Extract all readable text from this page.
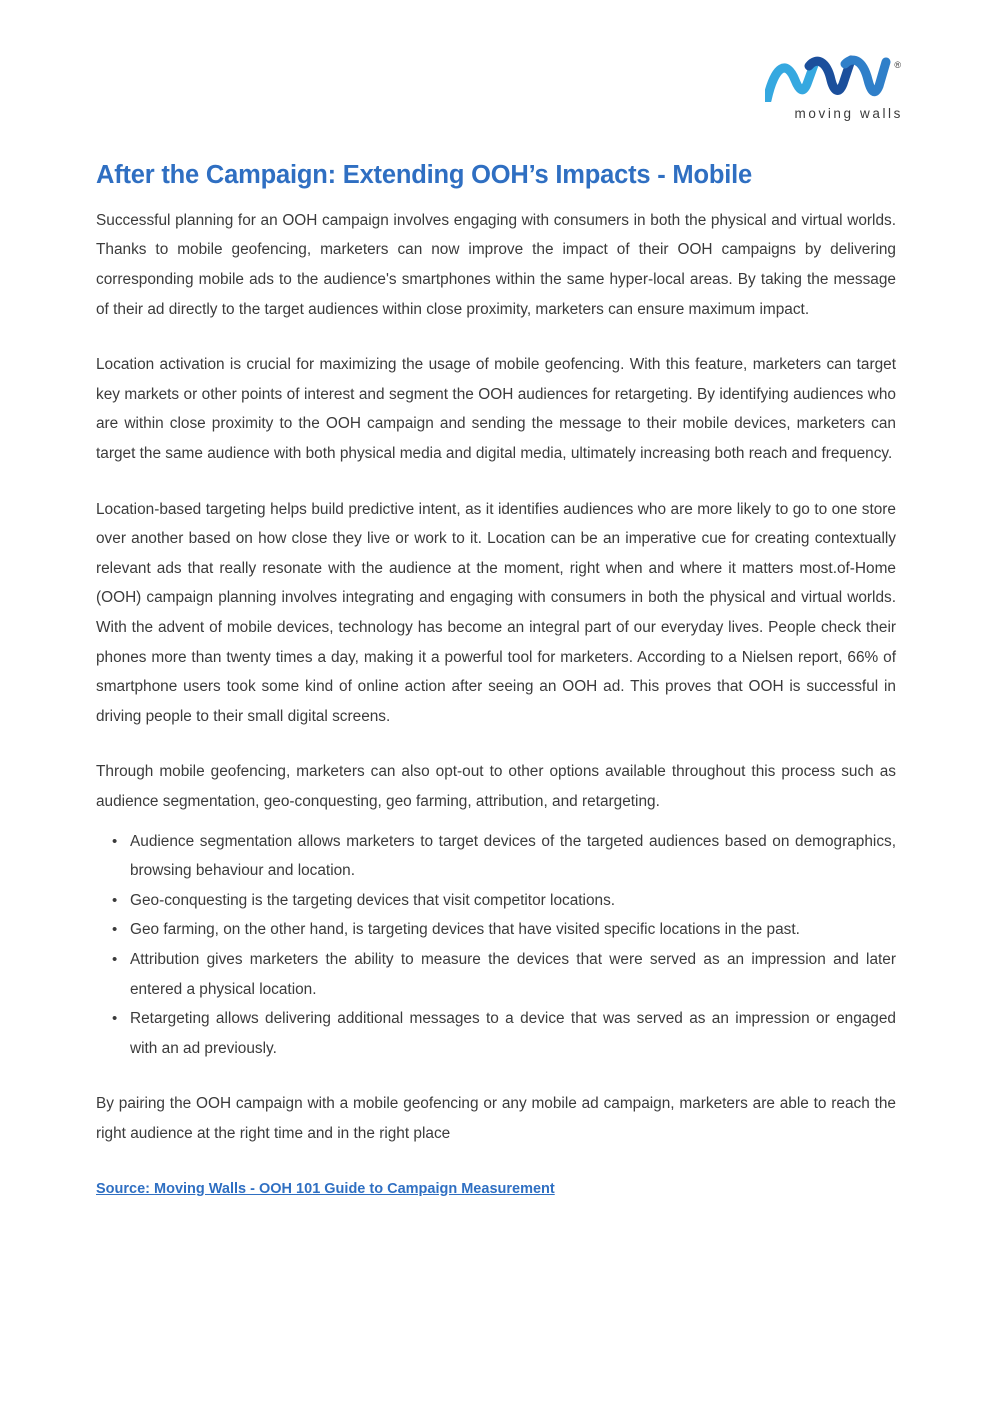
®
moving walls
After the Campaign: Extending OOH’s Impacts - Mobile

Successful planning for an OOH campaign involves engaging with consumers in both the physical and virtual worlds. Thanks to mobile geofencing, marketers can now improve the impact of their OOH campaigns by delivering corresponding mobile ads to the audience's smartphones within the same hyper-local areas. By taking the message of their ad directly to the target audiences within close proximity, marketers can ensure maximum impact.

Location activation is crucial for maximizing the usage of mobile geofencing. With this feature, marketers can target key markets or other points of interest and segment the OOH audiences for retargeting. By identifying audiences who are within close proximity to the OOH campaign and sending the message to their mobile devices, marketers can target the same audience with both physical media and digital media, ultimately increasing both reach and frequency.

Location-based targeting helps build predictive intent, as it identifies audiences who are more likely to go to one store over another based on how close they live or work to it. Location can be an imperative cue for creating contextually relevant ads that really resonate with the audience at the moment, right when and where it matters most.of-Home (OOH) campaign planning involves integrating and engaging with consumers in both the physical and virtual worlds. With the advent of mobile devices, technology has become an integral part of our everyday lives. People check their phones more than twenty times a day, making it a powerful tool for marketers. According to a Nielsen report, 66% of smartphone users took some kind of online action after seeing an OOH ad. This proves that OOH is successful in driving people to their small digital screens.

Through mobile geofencing, marketers can also opt-out to other options available throughout this process such as audience segmentation, geo-conquesting, geo farming, attribution, and retargeting.

• Audience segmentation allows marketers to target devices of the targeted audiences based on demographics, browsing behaviour and location.
• Geo-conquesting is the targeting devices that visit competitor locations.
• Geo farming, on the other hand, is targeting devices that have visited specific locations in the past.
• Attribution gives marketers the ability to measure the devices that were served as an impression and later entered a physical location.
• Retargeting allows delivering additional messages to a device that was served as an impression or engaged with an ad previously.

By pairing the OOH campaign with a mobile geofencing or any mobile ad campaign, marketers are able to reach the right audience at the right time and in the right place

Source: Moving Walls - OOH 101 Guide to Campaign Measurement
